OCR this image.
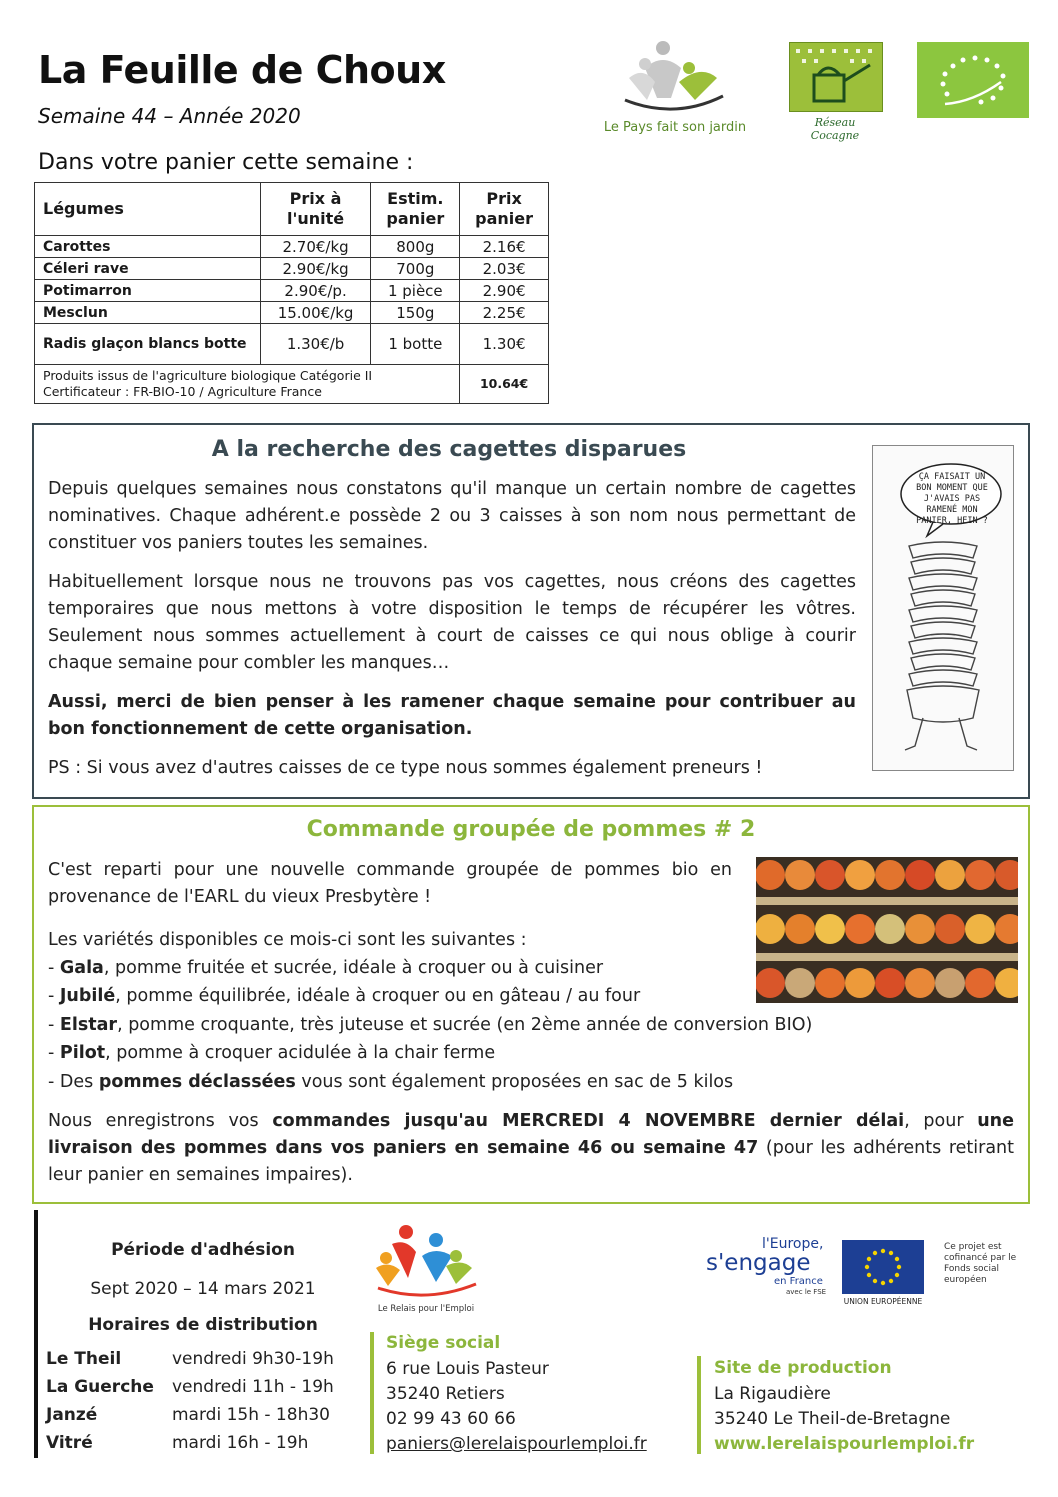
La Feuille de Choux
Semaine 44 – Année 2020
Dans votre panier cette semaine :
Le Pays fait son jardin	Réseau Cocagne
Légumes	Prix à l'unité	Estim. panier	Prix panier
Carottes	2.70€/kg	800g	2.16€
Céleri rave	2.90€/kg	700g	2.03€
Potimarron	2.90€/p.	1 pièce	2.90€
Mesclun	15.00€/kg	150g	2.25€
Radis glaçon blancs botte	1.30€/b	1 botte	1.30€

Produits issus de l'agriculture biologique Catégorie II
Certificateur : FR-BIO-10 / Agriculture France			10.64€
A la recherche des cagettes disparues
Depuis quelques semaines nous constatons qu'il manque un certain nombre de cagettes nominatives. Chaque adhérent.e possède 2 ou 3 caisses à son nom nous permettant de constituer vos paniers toutes les semaines.
Habituellement lorsque nous ne trouvons pas vos cagettes, nous créons des cagettes temporaires que nous mettons à votre disposition le temps de récupérer les vôtres. Seulement nous sommes actuellement à court de caisses ce qui nous oblige à courir chaque semaine pour combler les manques…
Aussi, merci de bien penser à les ramener chaque semaine pour contribuer au bon fonctionnement de cette organisation.
PS : Si vous avez d'autres caisses de ce type nous sommes également preneurs !
ÇA FAISAIT UN BON MOMENT QUE J'AVAIS PAS RAMENÉ MON PANIER, HEIN ?
Commande groupée de pommes # 2
C'est reparti pour une nouvelle commande groupée de pommes bio en provenance de l'EARL du vieux Presbytère !
Les variétés disponibles ce mois-ci sont les suivantes :
- Gala, pomme fruitée et sucrée, idéale à croquer ou à cuisiner
- Jubilé, pomme équilibrée, idéale à croquer ou en gâteau / au four
- Elstar, pomme croquante, très juteuse et sucrée (en 2ème année de conversion BIO)
- Pilot, pomme à croquer acidulée à la chair ferme
- Des pommes déclassées vous sont également proposées en sac de 5 kilos
Nous enregistrons vos commandes jusqu'au MERCREDI 4 NOVEMBRE dernier délai, pour une livraison des pommes dans vos paniers en semaine 46 ou semaine 47 (pour les adhérents retirant leur panier en semaines impaires).
Période d'adhésion
Sept 2020 – 14 mars 2021
Horaires de distribution
Le Theil	vendredi 9h30-19h
La Guerche vendredi 11h - 19h
Janzé	mardi 15h - 18h30
Vitré	mardi 16h - 19h
Le Relais pour l'Emploi
Siège social
6 rue Louis Pasteur
35240 Retiers
02 99 43 60 66
paniers@lerelaispourlemploi.fr
Site de production
La Rigaudière
35240 Le Theil-de-Bretagne
www.lerelaispourlemploi.fr
l'Europe,
s'engage
en France
avec le FSE
UNION EUROPÉENNE
Ce projet est cofinancé par le Fonds social européen
